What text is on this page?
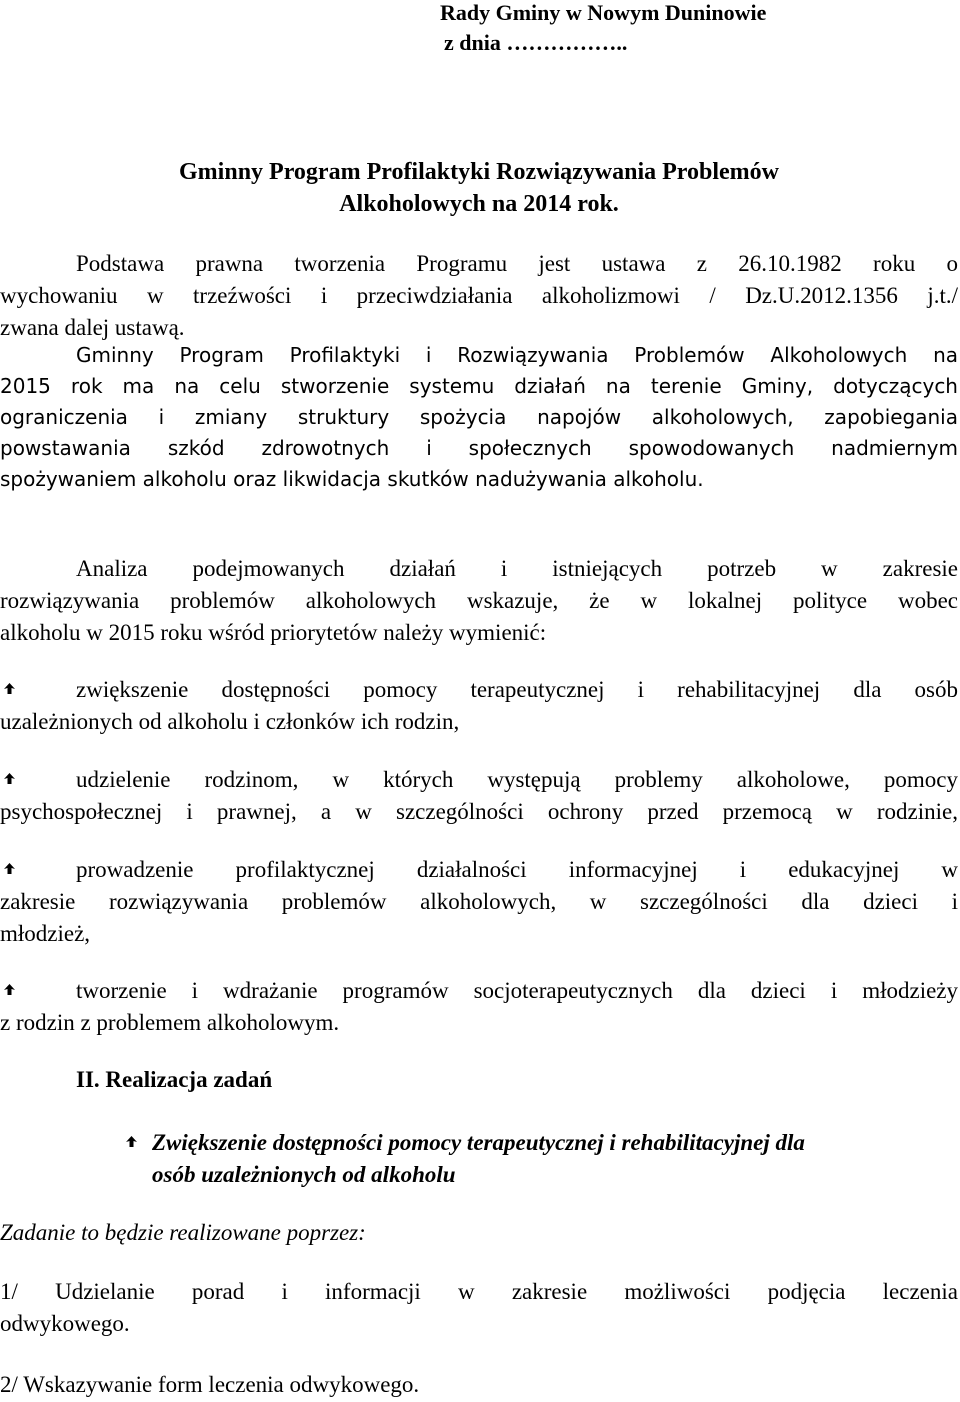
Rady Gminy w Nowym Duninowie

z dnia ……………..

Gminny Program Profilaktyki Rozwiązywania Problemów

Alkoholowych na 2014 rok.

Podstawa prawna tworzenia Programu jest ustawa z 26.10.1982 roku o
wychowaniu w trzeźwości i przeciwdziałania alkoholizmowi / Dz.U.2012.1356 j.t./
zwana dalej ustawą.
Gminny Program Profilaktyki i Rozwiązywania Problemów Alkoholowych na
2015 rok ma na celu stworzenie systemu działań na terenie Gminy, dotyczących
ograniczenia i zmiany struktury spożycia napojów alkoholowych, zapobiegania
powstawania szkód zdrowotnych i społecznych spowodowanych nadmiernym
spożywaniem alkoholu oraz likwidacja skutków nadużywania alkoholu.
Analiza podejmowanych działań i istniejących potrzeb w zakresie
rozwiązywania problemów alkoholowych wskazuje, że w lokalnej polityce wobec
alkoholu w 2015 roku wśród priorytetów należy wymienić:
zwiększenie dostępności pomocy terapeutycznej i rehabilitacyjnej dla osób
uzależnionych od alkoholu i członków ich rodzin,
udzielenie rodzinom, w których występują problemy alkoholowe, pomocy
psychospołecznej i prawnej, a w szczególności ochrony przed przemocą w rodzinie,
prowadzenie profilaktycznej działalności informacyjnej i edukacyjnej w
zakresie rozwiązywania problemów alkoholowych, w szczególności dla dzieci i
młodzież,
tworzenie i wdrażanie programów socjoterapeutycznych dla dzieci i młodzieży
z rodzin z problemem alkoholowym.
II. Realizacja zadań
Zwiększenie dostępności pomocy terapeutycznej i rehabilitacyjnej dla
osób uzależnionych od alkoholu

Zadanie to będzie realizowane poprzez:

1/ Udzielanie porad i informacji w zakresie możliwości podjęcia leczenia
odwykowego.

2/ Wskazywanie form leczenia odwykowego.
